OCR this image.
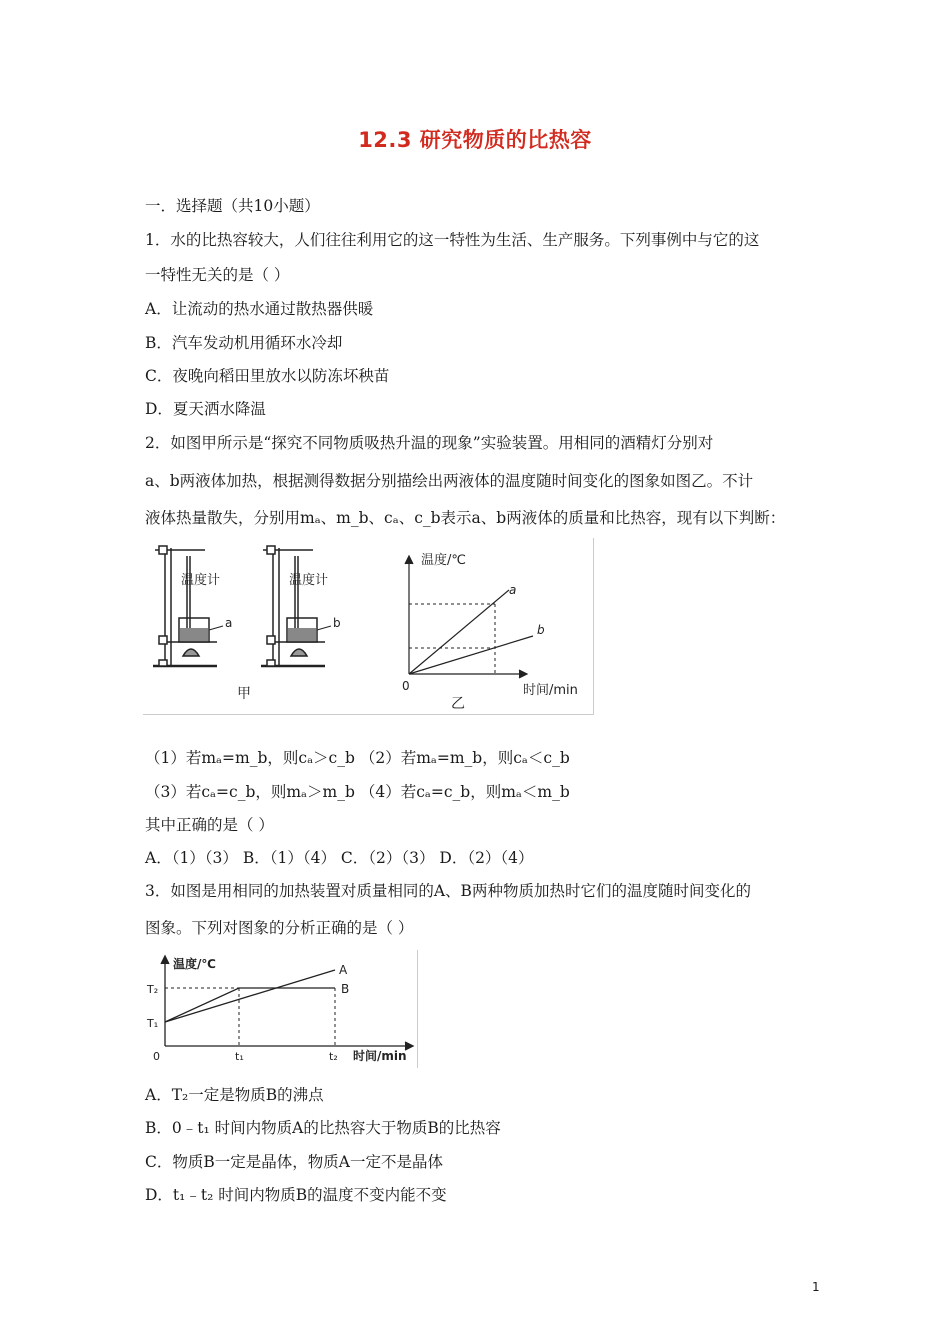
12.3 研究物质的比热容
一．选择题（共10小题）
1．水的比热容较大，人们往往利用它的这一特性为生活、生产服务。下列事例中与它的这
一特性无关的是（ ）
A．让流动的热水通过散热器供暖
B．汽车发动机用循环水冷却
C．夜晚向稻田里放水以防冻坏秧苗
D．夏天洒水降温
2．如图甲所示是“探究不同物质吸热升温的现象”实验装置。用相同的酒精灯分别对
a、b两液体加热，根据测得数据分别描绘出两液体的温度随时间变化的图象如图乙。不计
液体热量散失，分别用mₐ、m_b、cₐ、c_b表示a、b两液体的质量和比热容，现有以下判断：
温度计
a
温度计
b
甲
温度/℃
a
b
0	时间/min
乙
（1）若mₐ=m_b，则cₐ＞c_b （2）若mₐ=m_b，则cₐ＜c_b
（3）若cₐ=c_b，则mₐ＞m_b （4）若cₐ=c_b，则mₐ＜m_b
其中正确的是（ ）
A．（1）（3） B．（1）（4） C．（2）（3） D．（2）（4）
3．如图是用相同的加热装置对质量相同的A、B两种物质加热时它们的温度随时间变化的
图象。下列对图象的分析正确的是（ ）
温度/℃	A
B
T₂
T₁
0	t₁	t₂ 时间/min
A．T₂一定是物质B的沸点
B．0﹣t₁ 时间内物质A的比热容大于物质B的比热容
C．物质B一定是晶体，物质A一定不是晶体
D．t₁﹣t₂ 时间内物质B的温度不变内能不变
1
